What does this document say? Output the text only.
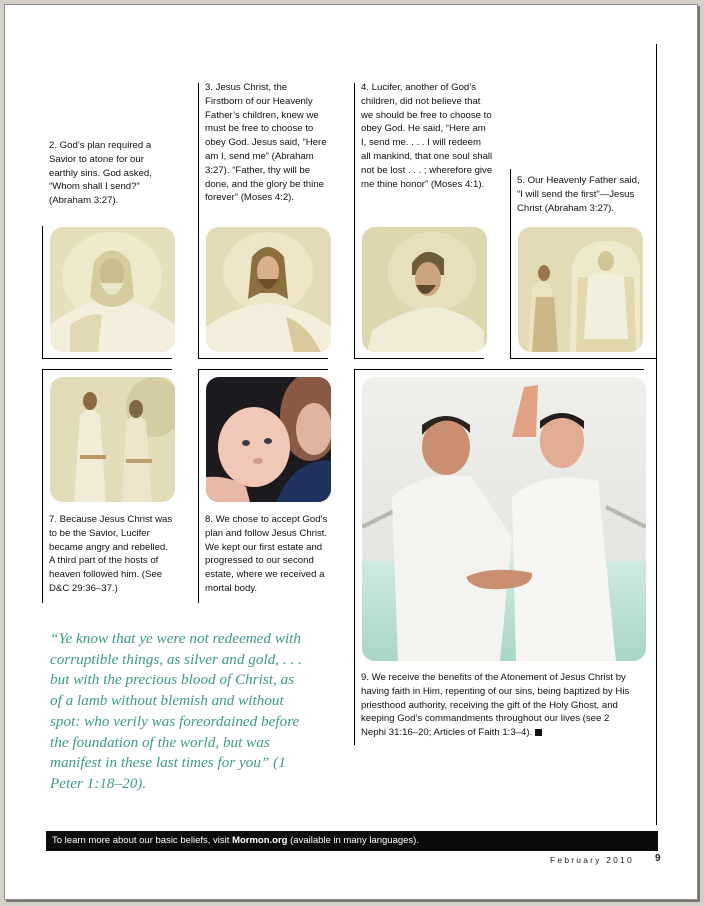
2. God’s plan required a Savior to atone for our earthly sins. God asked, “Whom shall I send?” (Abraham 3:27).

3. Jesus Christ, the Firstborn of our Heavenly Father’s children, knew we must be free to choose to obey God. Jesus said, “Here am I, send me” (Abraham 3:27). “Father, thy will be done, and the glory be thine forever” (Moses 4:2).

4. Lucifer, another of God’s children, did not believe that we should be free to choose to obey God. He said, “Here am I, send me. . . . I will redeem all mankind, that one soul shall not be lost . . . ; wherefore give me thine honor” (Moses 4:1).	5. Our Heavenly Father said, “I will send the first”—Jesus Christ (Abraham 3:27).

7. Because Jesus Christ was to be the Savior, Lucifer became angry and rebelled. A third part of the hosts of heaven followed him. (See D&C 29:36–37.)

8. We chose to accept God’s plan and follow Jesus Christ. We kept our first estate and progressed to our second estate, where we received a mortal body.

9. We receive the benefits of the Atonement of Jesus Christ by having faith in Him, repenting of our sins, being baptized by His priesthood authority, receiving the gift of the Holy Ghost, and keeping God’s commandments throughout our lives (see 2 Nephi 31:16–20; Articles of Faith 1:3–4).

“Ye know that ye were not redeemed with corruptible things, as silver and gold, . . . but with the precious blood of Christ, as of a lamb without blemish and without spot: who verily was foreordained before the foundation of the world, but was manifest in these last times for you” (1 Peter 1:18–20).

To learn more about our basic beliefs, visit Mormon.org (available in many languages).
February 2010 9
